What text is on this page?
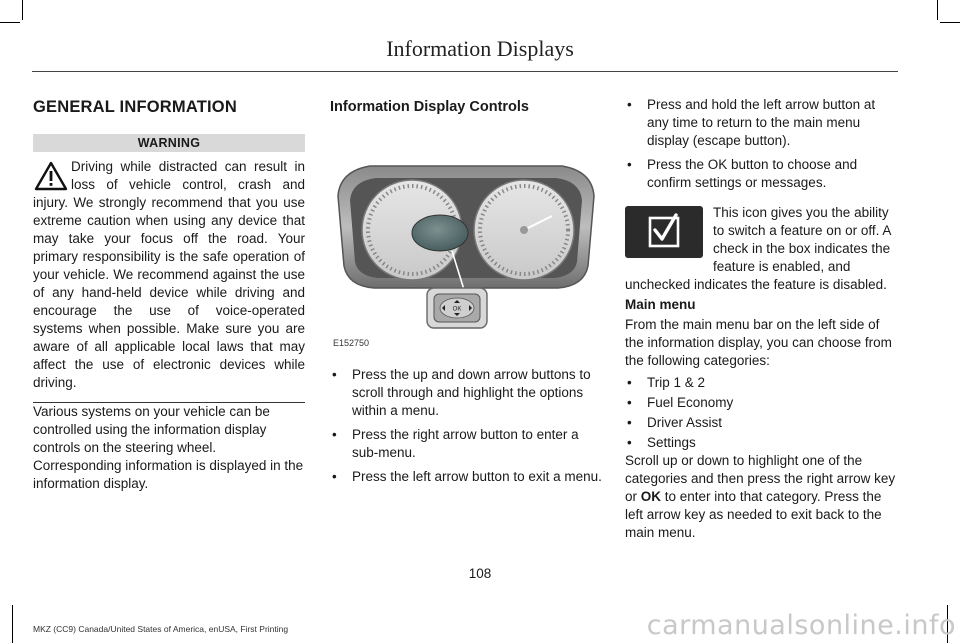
Information Displays
GENERAL INFORMATION
WARNING

Driving while distracted can result in loss of vehicle control, crash and injury. We strongly recommend that you use extreme caution when using any device that may take your focus off the road. Your primary responsibility is the safe operation of your vehicle. We recommend against the use of any hand-held device while driving and encourage the use of voice-operated systems when possible. Make sure you are aware of all applicable local laws that may affect the use of electronic devices while driving.

Various systems on your vehicle can be controlled using the information display controls on the steering wheel. Corresponding information is displayed in the information display.

Information Display Controls
OK
E152750
• Press the up and down arrow buttons to scroll through and highlight the options within a menu.
• Press the right arrow button to enter a sub-menu.
• Press the left arrow button to exit a menu.
• Press and hold the left arrow button at any time to return to the main menu display (escape button).
• Press the OK button to choose and confirm settings or messages.

This icon gives you the ability to switch a feature on or off. A check in the box indicates the feature is enabled, and unchecked indicates the feature is disabled.

Main menu

From the main menu bar on the left side of the information display, you can choose from the following categories:

• Trip 1 & 2
• Fuel Economy
• Driver Assist
• Settings

Scroll up or down to highlight one of the categories and then press the right arrow key or OK to enter into that category. Press the left arrow key as needed to exit back to the main menu.

108
MKZ (CC9) Canada/United States of America, enUSA, First Printing	carmanualsonline.info
